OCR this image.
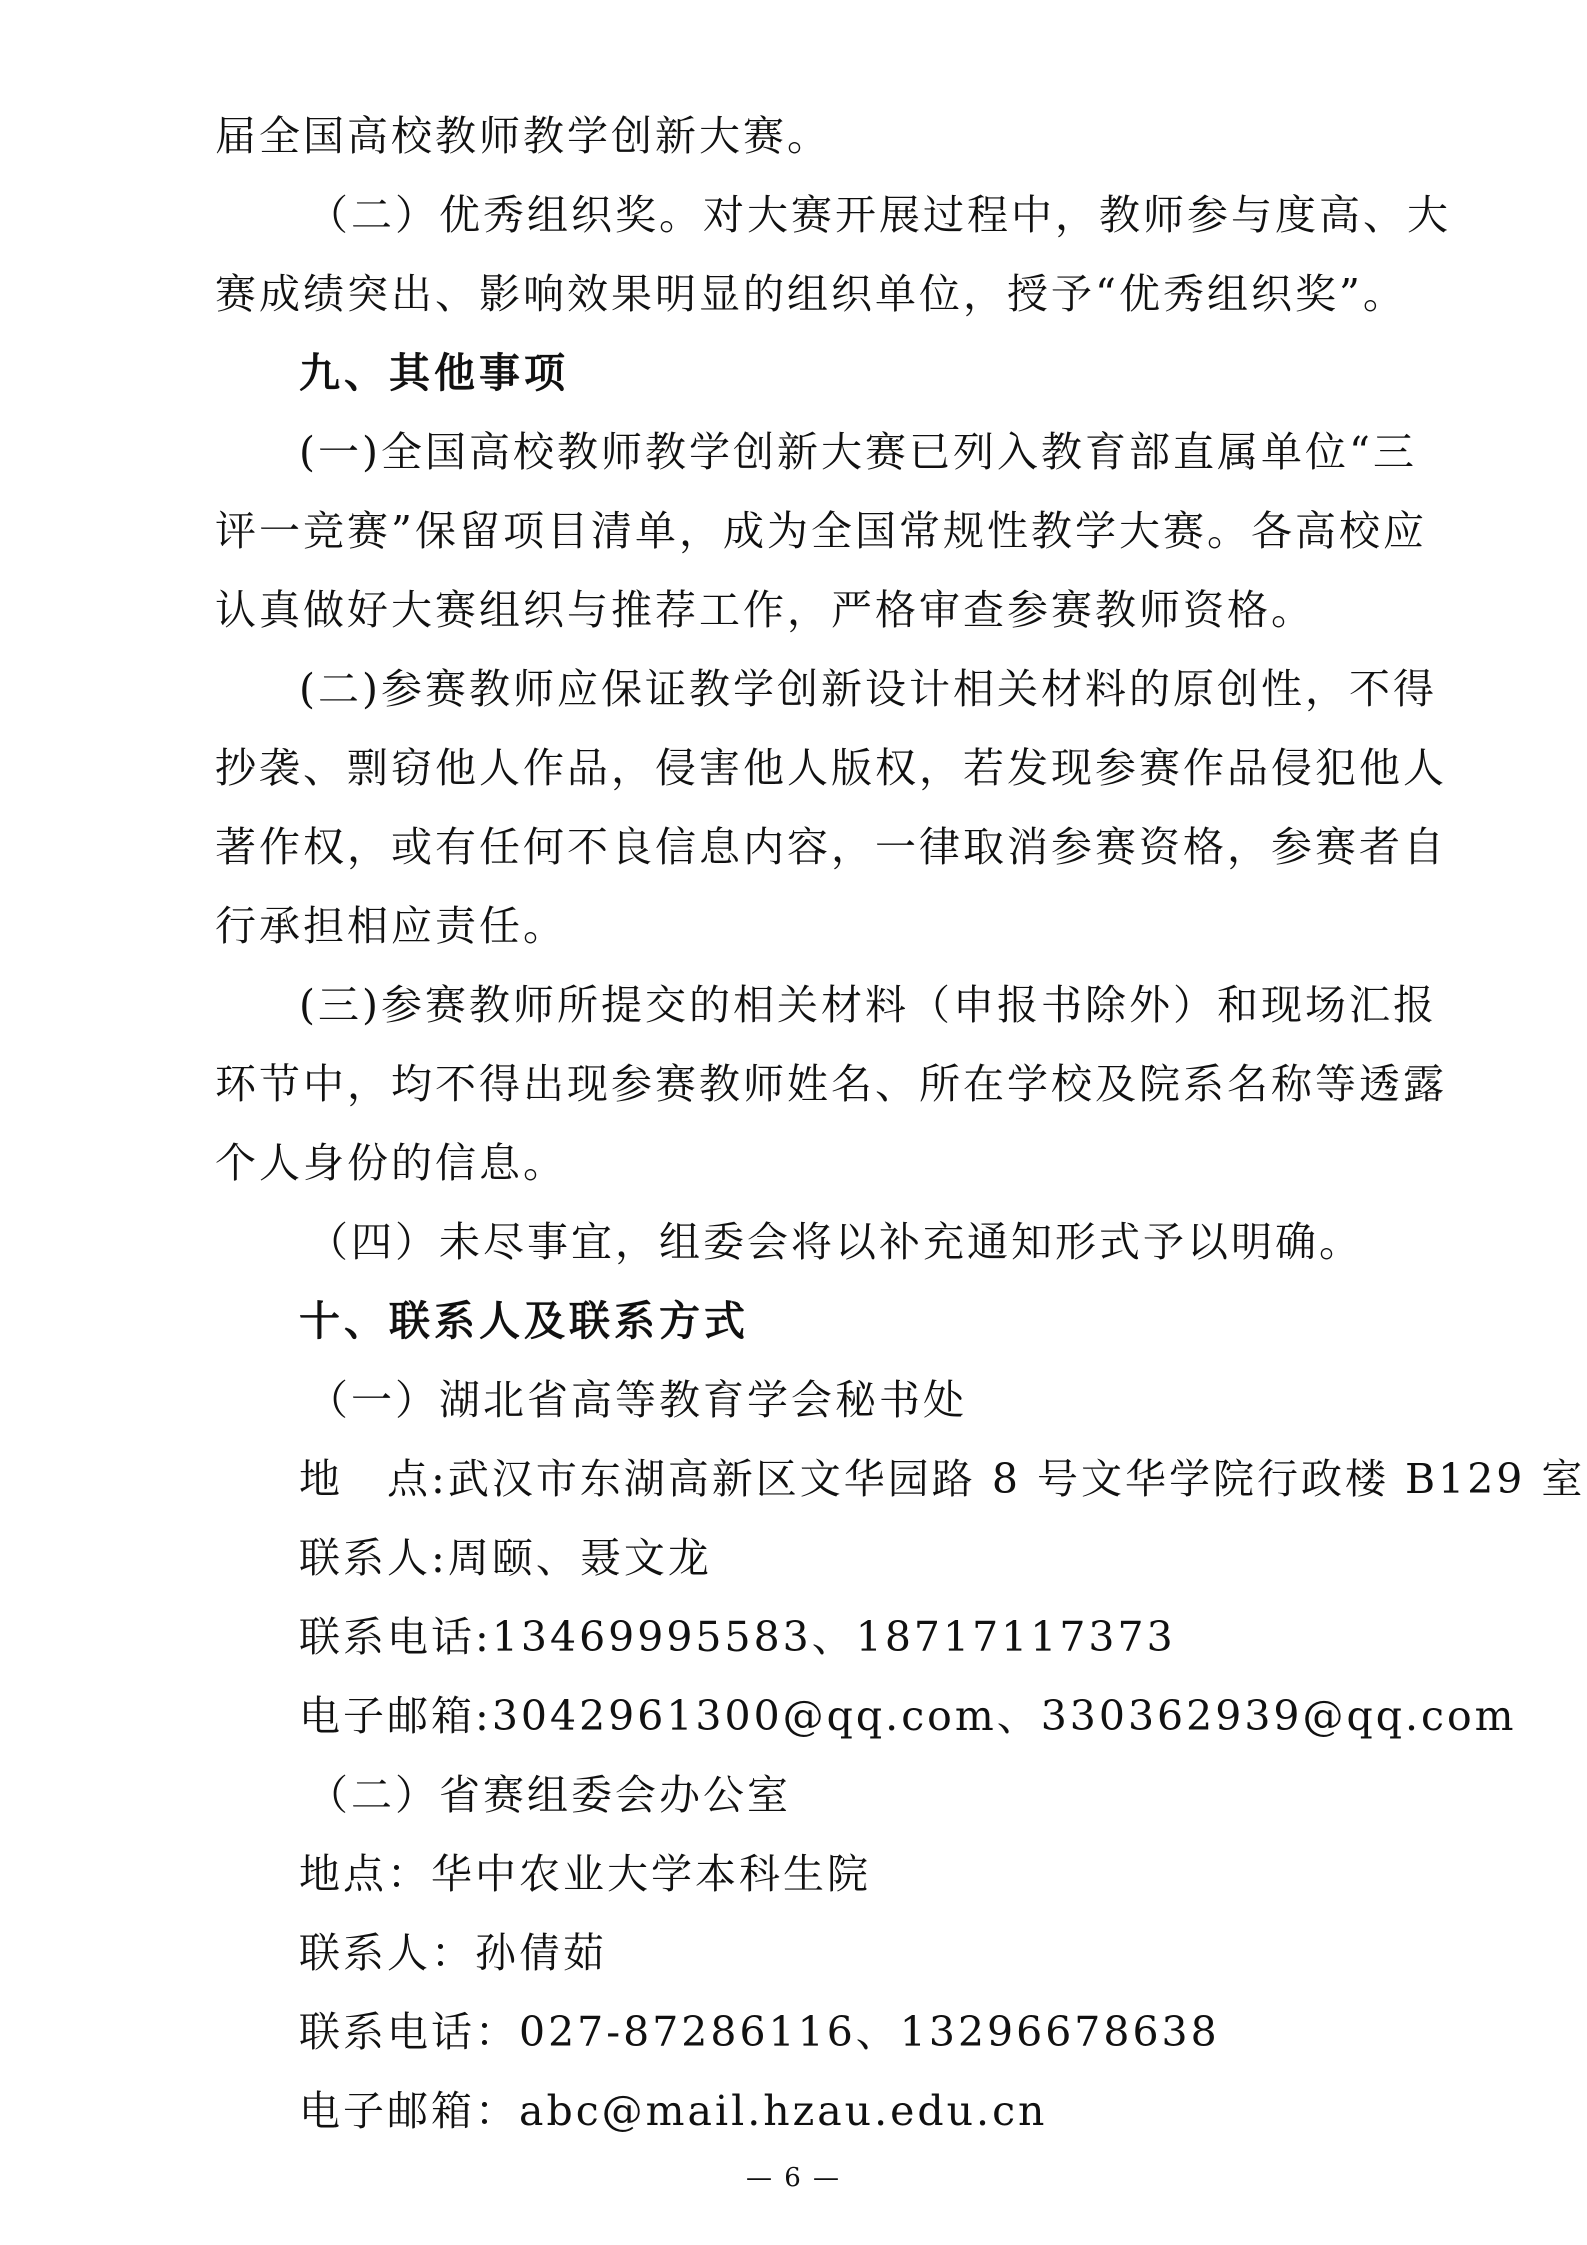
届全国高校教师教学创新大赛。
（二）优秀组织奖。对大赛开展过程中，教师参与度高、大
赛成绩突出、影响效果明显的组织单位，授予“优秀组织奖”。
九、其他事项
(一)全国高校教师教学创新大赛已列入教育部直属单位“三
评一竞赛”保留项目清单，成为全国常规性教学大赛。各高校应
认真做好大赛组织与推荐工作，严格审查参赛教师资格。
(二)参赛教师应保证教学创新设计相关材料的原创性，不得
抄袭、剽窃他人作品，侵害他人版权，若发现参赛作品侵犯他人
著作权，或有任何不良信息内容，一律取消参赛资格，参赛者自
行承担相应责任。
(三)参赛教师所提交的相关材料（申报书除外）和现场汇报
环节中，均不得出现参赛教师姓名、所在学校及院系名称等透露
个人身份的信息。
（四）未尽事宜，组委会将以补充通知形式予以明确。
十、联系人及联系方式
（一）湖北省高等教育学会秘书处
地　点:武汉市东湖高新区文华园路 8 号文华学院行政楼 B129 室
联系人:周颐、聂文龙
联系电话:13469995583、18717117373
电子邮箱:3042961300@qq.com、330362939@qq.com
（二）省赛组委会办公室
地点：华中农业大学本科生院
联系人：孙倩茹
联系电话：027-87286116、13296678638
电子邮箱：abc@mail.hzau.edu.cn
— 6 —
